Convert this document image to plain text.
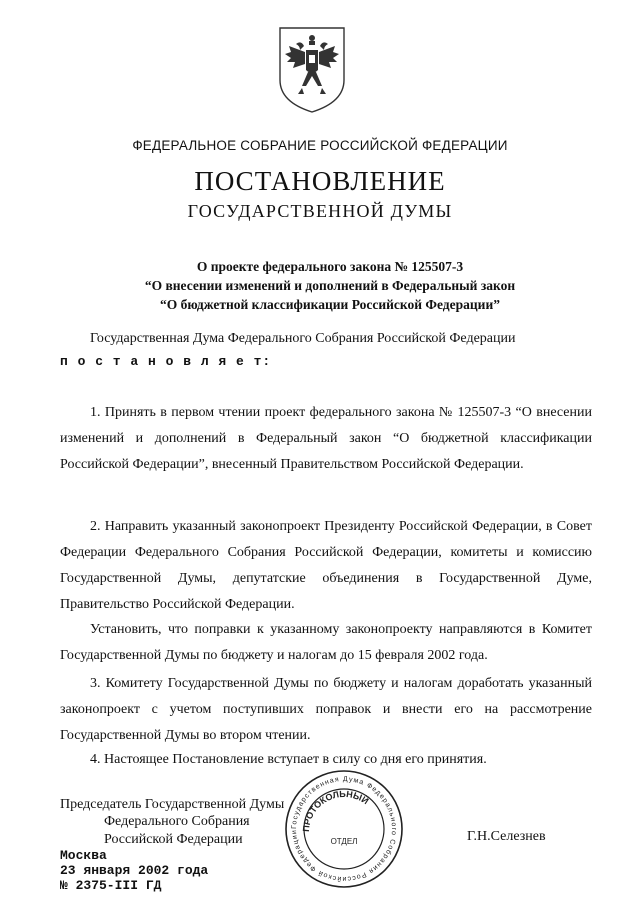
ФЕДЕРАЛЬНОЕ СОБРАНИЕ РОССИЙСКОЙ ФЕДЕРАЦИИ
ПОСТАНОВЛЕНИЕ
ГОСУДАРСТВЕННОЙ ДУМЫ
О проекте федерального закона № 125507-3
“О внесении изменений и дополнений в Федеральный закон
“О бюджетной классификации Российской Федерации”
Государственная Дума Федерального Собрания Российской Федерации
п о с т а н о в л я е т:
1. Принять в первом чтении проект федерального закона № 125507-3 “О внесении изменений и дополнений в Федеральный закон “О бюджетной классификации Российской Федерации”, внесенный Правительством Российской Федерации.
2. Направить указанный законопроект Президенту Российской Федерации, в Совет Федерации Федерального Собрания Российской Федерации, комитеты и комиссию Государственной Думы, депутатские объединения в Государственной Думе, Правительство Российской Федерации.
Установить, что поправки к указанному законопроекту направляются в Комитет Государственной Думы по бюджету и налогам до 15 февраля 2002 года.
3. Комитету Государственной Думы по бюджету и налогам доработать указанный законопроект с учетом поступивших поправок и внести его на рассмотрение Государственной Думы во втором чтении.
4. Настоящее Постановление вступает в силу со дня его принятия.
Председатель Государственной Думы
Федерального Собрания
Российской Федерации	Г.Н.Селезнев
Государственная Дума Федерального Собрания Российской Федерации ПРОТОКОЛЬНЫЙ
ОТДЕЛ
Москва
23 января 2002 года
№ 2375-III ГД
